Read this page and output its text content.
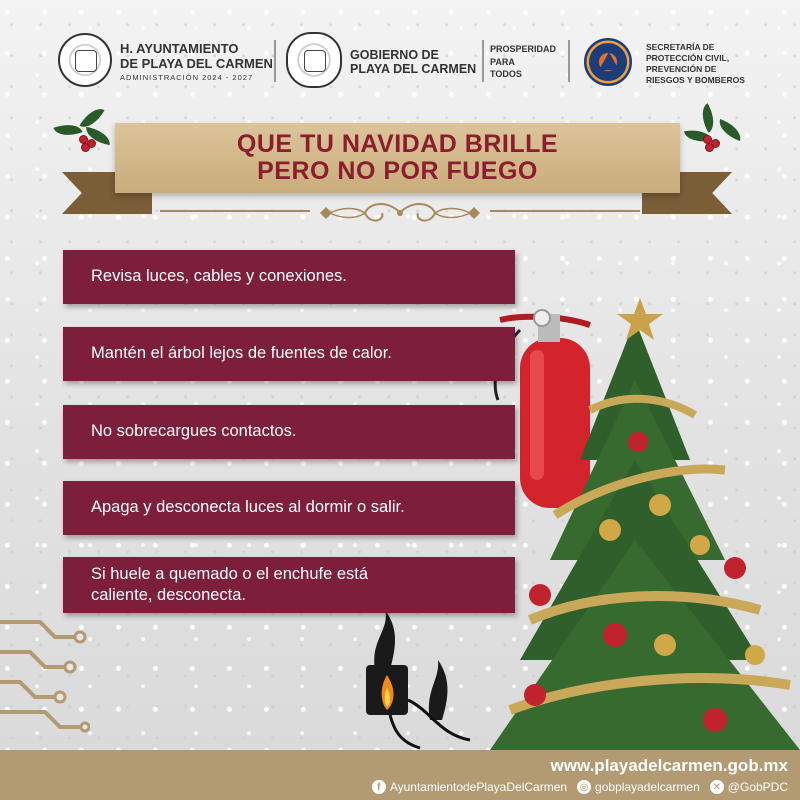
H. AYUNTAMIENTO
DE PLAYA DEL CARMEN
ADMINISTRACIÓN 2024 - 2027
GOBIERNO DE
PLAYA DEL CARMEN
PROSPERIDAD
PARA
TODOS
SECRETARÍA DE
PROTECCIÓN CIVIL,
PREVENCIÓN DE
RIESGOS Y BOMBEROS
QUE TU NAVIDAD BRILLE
PERO NO POR FUEGO
Revisa luces, cables y conexiones.
Mantén el árbol lejos de fuentes de calor.
No sobrecargues contactos.
Apaga y desconecta luces al dormir o salir.
Si huele a quemado o el enchufe está caliente, desconecta.
www.playadelcarmen.gob.mx
f AyuntamientodePlayaDelCarmen ◎ gobplayadelcarmen ✕ @GobPDC
